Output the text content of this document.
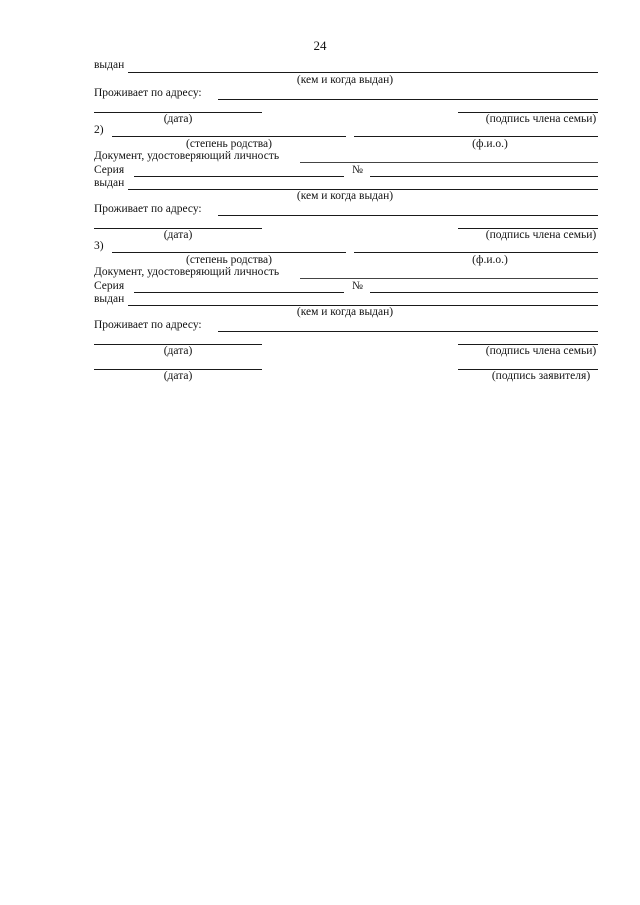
24
выдан
(кем и когда выдан)
Проживает по адресу:
(дата)	(подпись члена семьи)
2)
(степень родства)	(ф.и.о.)
Документ, удостоверяющий личность
Серия	№
выдан
(кем и когда выдан)
Проживает по адресу:
(дата)	(подпись члена семьи)
3)
(степень родства)	(ф.и.о.)
Документ, удостоверяющий личность
Серия	№
выдан
(кем и когда выдан)
Проживает по адресу:
(дата)	(подпись члена семьи)
(дата)	(подпись заявителя)
